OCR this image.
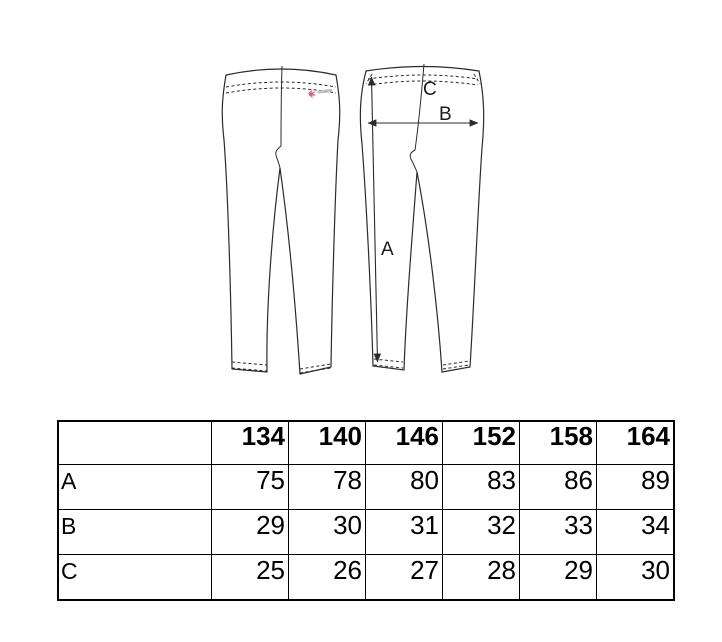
A
B
C
	134	140	146	152	158	164
A	75	78	80	83	86	89
B	29	30	31	32	33	34
C	25	26	27	28	29	30
